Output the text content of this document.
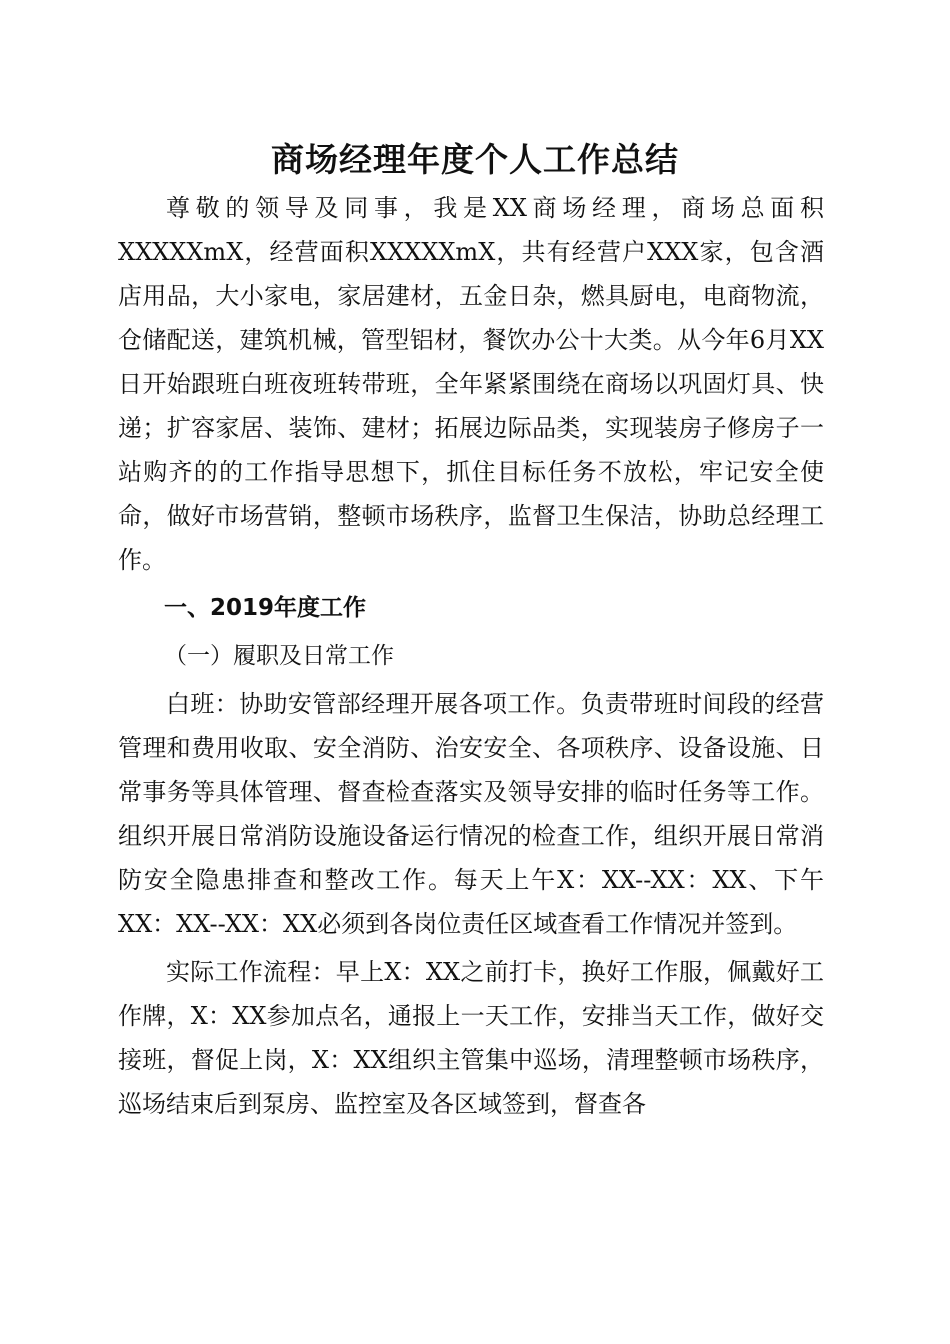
商场经理年度个人工作总结

尊敬的领导及同事，我是XX商场经理，商场总面积XXXXXmX，经营面积XXXXXmX，共有经营户XXX家，包含酒店用品，大小家电，家居建材，五金日杂，燃具厨电，电商物流，仓储配送，建筑机械，管型铝材，餐饮办公十大类。从今年6月XX日开始跟班白班夜班转带班，全年紧紧围绕在商场以巩固灯具、快递；扩容家居、装饰、建材；拓展边际品类，实现装房子修房子一站购齐的的工作指导思想下，抓住目标任务不放松，牢记安全使命，做好市场营销，整顿市场秩序，监督卫生保洁，协助总经理工作。

一、2019年度工作

（一）履职及日常工作

白班：协助安管部经理开展各项工作。负责带班时间段的经营管理和费用收取、安全消防、治安安全、各项秩序、设备设施、日常事务等具体管理、督查检查落实及领导安排的临时任务等工作。组织开展日常消防设施设备运行情况的检查工作，组织开展日常消防安全隐患排查和整改工作。每天上午X：XX--XX：XX、下午XX：XX--XX：XX必须到各岗位责任区域查看工作情况并签到。

实际工作流程：早上X：XX之前打卡，换好工作服，佩戴好工作牌，X：XX参加点名，通报上一天工作，安排当天工作，做好交接班，督促上岗，X：XX组织主管集中巡场，清理整顿市场秩序，巡场结束后到泵房、监控室及各区域签到，督查各
